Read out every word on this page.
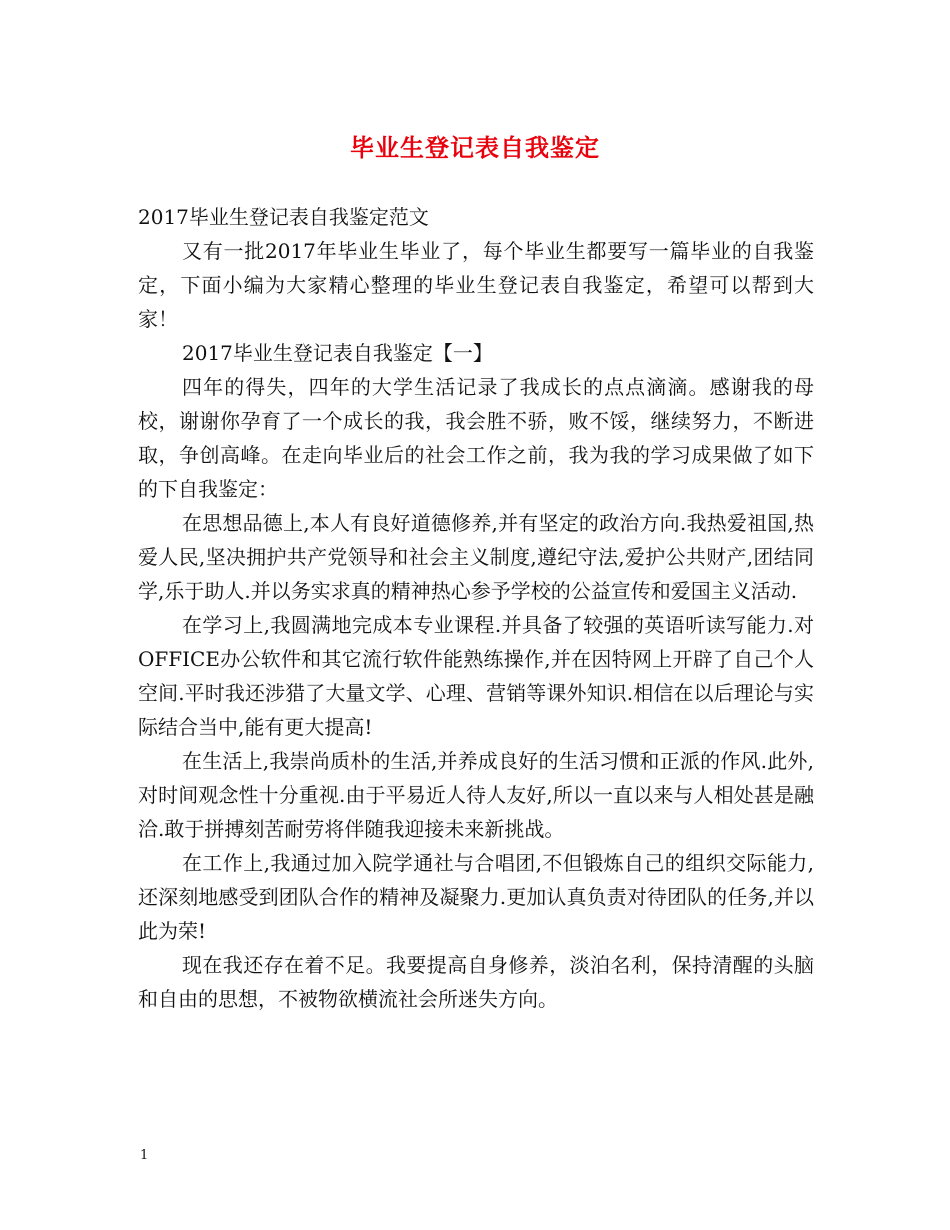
毕业生登记表自我鉴定

2017毕业生登记表自我鉴定范文

又有一批2017年毕业生毕业了，每个毕业生都要写一篇毕业的自我鉴定，下面小编为大家精心整理的毕业生登记表自我鉴定，希望可以帮到大家！

2017毕业生登记表自我鉴定【一】

四年的得失，四年的大学生活记录了我成长的点点滴滴。感谢我的母校，谢谢你孕育了一个成长的我，我会胜不骄，败不馁，继续努力，不断进取，争创高峰。在走向毕业后的社会工作之前，我为我的学习成果做了如下的下自我鉴定：

在思想品德上,本人有良好道德修养,并有坚定的政治方向.我热爱祖国,热爱人民,坚决拥护共产党领导和社会主义制度,遵纪守法,爱护公共财产,团结同学,乐于助人.并以务实求真的精神热心参予学校的公益宣传和爱国主义活动.

在学习上,我圆满地完成本专业课程.并具备了较强的英语听读写能力.对OFFICE办公软件和其它流行软件能熟练操作,并在因特网上开辟了自己个人空间.平时我还涉猎了大量文学、心理、营销等课外知识.相信在以后理论与实际结合当中,能有更大提高!

在生活上,我崇尚质朴的生活,并养成良好的生活习惯和正派的作风.此外,对时间观念性十分重视.由于平易近人待人友好,所以一直以来与人相处甚是融洽.敢于拼搏刻苦耐劳将伴随我迎接未来新挑战。

在工作上,我通过加入院学通社与合唱团,不但锻炼自己的组织交际能力,还深刻地感受到团队合作的精神及凝聚力.更加认真负责对待团队的任务,并以此为荣!

现在我还存在着不足。我要提高自身修养，淡泊名利，保持清醒的头脑和自由的思想，不被物欲横流社会所迷失方向。

1
